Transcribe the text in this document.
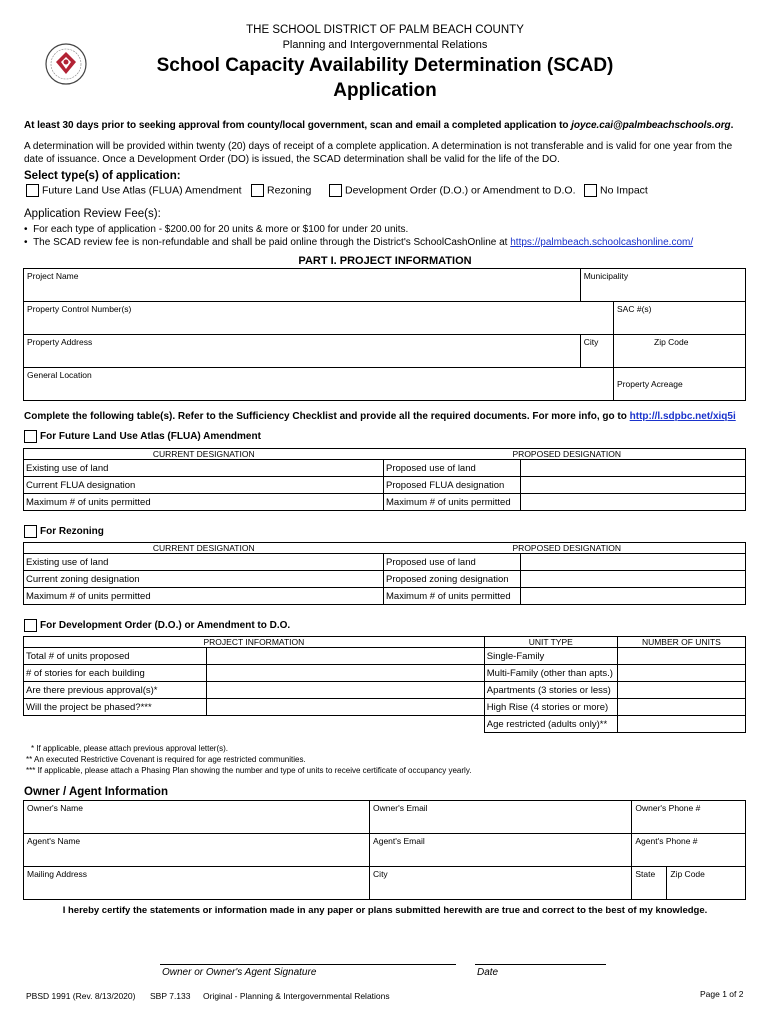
THE SCHOOL DISTRICT OF PALM BEACH COUNTY
Planning and Intergovernmental Relations
School Capacity Availability Determination (SCAD)
Application
At least 30 days prior to seeking approval from county/local government, scan and email a completed application to joyce.cai@palmbeachschools.org.
A determination will be provided within twenty (20) days of receipt of a complete application. A determination is not transferable and is valid for one year from the
date of issuance. Once a Development Order (DO) is issued, the SCAD determination shall be valid for the life of the DO.
Select type(s) of application:
Future Land Use Atlas (FLUA) Amendment	Rezoning	Development Order (D.O.) or Amendment to D.O.	No Impact
Application Review Fee(s):
•  For each type of application - $200.00 for 20 units & more or $100 for under 20 units.
•  The SCAD review fee is non-refundable and shall be paid online through the District's SchoolCashOnline at https://palmbeach.schoolcashonline.com/
PART I. PROJECT INFORMATION
Project Name	Municipality	
Property Control Number(s)		SAC #(s)
Property Address	City	Zip Code

General Location		Property Acreage
Complete the following table(s). Refer to the Sufficiency Checklist and provide all the required documents. For more info, go to http://l.sdpbc.net/xiq5i
For Future Land Use Atlas (FLUA) Amendment
CURRENT DESIGNATION	PROPOSED DESIGNATION	

Existing use of land	Proposed use of land	
Current FLUA designation	Proposed FLUA designation	
Maximum # of units permitted	Maximum # of units permitted	
For Rezoning
CURRENT DESIGNATION	PROPOSED DESIGNATION	
Existing use of land	Proposed use of land	
Current zoning designation	Proposed zoning designation	
Maximum # of units permitted	Maximum # of units permitted	
For Development Order (D.O.) or Amendment to D.O.
PROJECT INFORMATION		UNIT TYPE	NUMBER OF UNITS
Total # of units proposed		Single-Family	
# of stories for each building		Multi-Family (other than apts.)	
Are there previous approval(s)*		Apartments (3 stories or less)	
Will the project be phased?***		High Rise (4 stories or more)	
		Age restricted (adults only)**	
* If applicable, please attach previous approval letter(s).
** An executed Restrictive Covenant is required for age restricted communities.
*** If applicable, please attach a Phasing Plan showing the number and type of units to receive certificate of occupancy yearly.
Owner / Agent Information
Owner's Name	Owner's Email	Owner's Phone #	
Agent's Name	Agent's Email	Agent's Phone #	
Mailing Address	City	State	Zip Code
I hereby certify the statements or information made in any paper or plans submitted herewith are true and correct to the best of my knowledge.
Owner or Owner's Agent Signature	Date
PBSD 1991 (Rev. 8/13/2020) SBP 7.133 Original - Planning & Intergovernmental Relations	Page 1 of 2
